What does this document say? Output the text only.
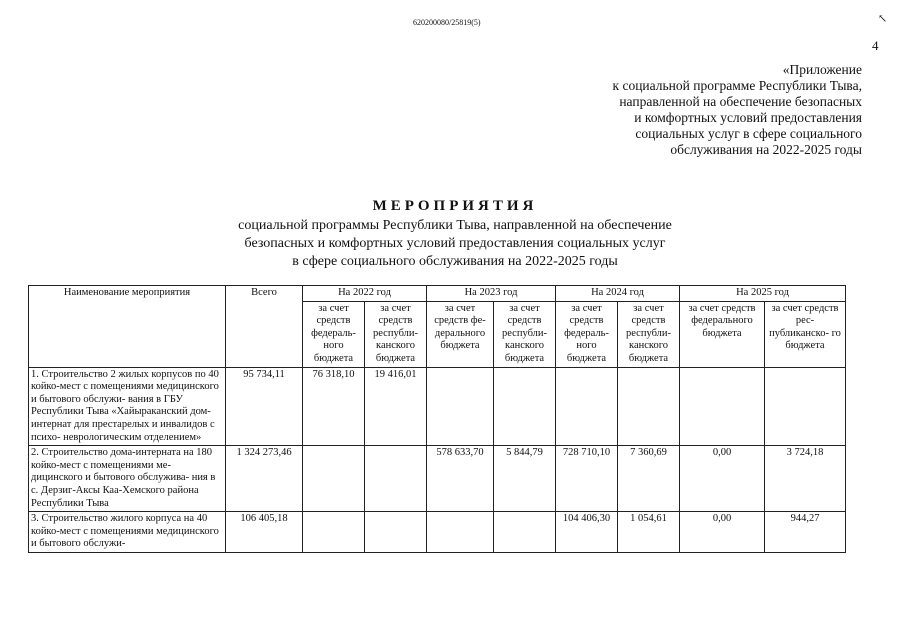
620200080/25819(5)	↖
4
«Приложение
к социальной программе Республики Тыва,
направленной на обеспечение безопасных
и комфортных условий предоставления
социальных услуг в сфере социального
обслуживания на 2022-2025 годы
МЕРОПРИЯТИЯ
социальной программы Республики Тыва, направленной на обеспечение
безопасных и комфортных условий предоставления социальных услуг
в сфере социального обслуживания на 2022-2025 годы
Наименование мероприятия	Всего	На 2022 год		На 2023 год		На 2024 год		На 2025 год	
		за счет средств федераль- ного бюджета	за счет средств республи- канского бюджета	за счет средств фе- дерального бюджета	за счет средств республи- канского бюджета	за счет средств федераль- ного бюджета	за счет средств республи- канского бюджета	за счет средств федерального бюджета	за счет средств рес- публиканско- го бюджета
1. Строительство 2 жилых корпусов по 40 койко-мест с помещениями медицинского и бытового обслужи- вания в ГБУ Республики Тыва «Хайыраканский дом-интернат для престарелых и инвалидов с психо- неврологическим отделением»	95 734,11	76 318,10	19 416,01						
2. Строительство дома-интерната на 180 койко-мест с помещениями ме- дицинского и бытового обслужива- ния в с. Дерзиг-Аксы Каа-Хемского района Республики Тыва	1 324 273,46			578 633,70	5 844,79	728 710,10	7 360,69	0,00	3 724,18
3. Строительство жилого корпуса на 40 койко-мест с помещениями медицинского и бытового обслужи-	106 405,18					104 406,30	1 054,61	0,00	944,27
